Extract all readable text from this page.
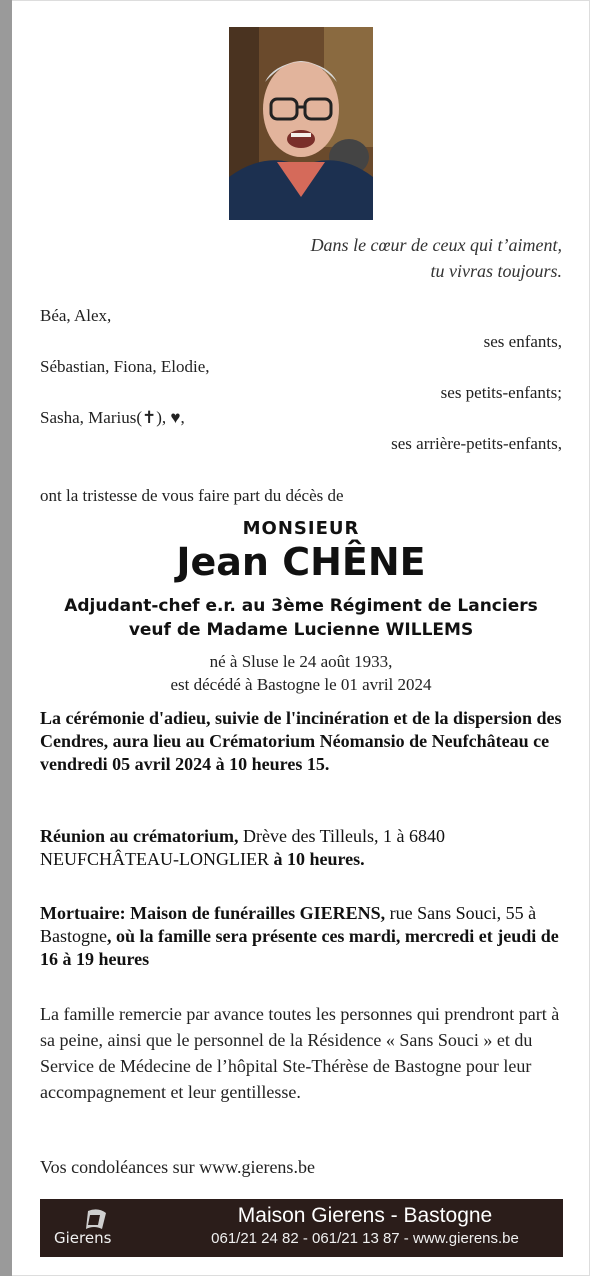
Dans le cœur de ceux qui t’aiment,
tu vivras toujours.
Béa, Alex,
ses enfants,
Sébastian, Fiona, Elodie,
ses petits-enfants;
Sasha, Marius(✝), ♥,
ses arrière-petits-enfants,
ont la tristesse de vous faire part du décès de
MONSIEUR
Jean CHÊNE
Adjudant-chef e.r. au 3ème Régiment de Lanciers
veuf de Madame Lucienne WILLEMS
né à Sluse le 24 août 1933,
est décédé à Bastogne le 01 avril 2024
La cérémonie d'adieu, suivie de l'incinération et de la dispersion des Cendres, aura lieu au Crématorium Néomansio de Neufchâteau ce vendredi 05 avril 2024 à 10 heures 15.
Réunion au crématorium, Drève des Tilleuls, 1 à 6840 NEUFCHÂTEAU-LONGLIER à 10 heures.
Mortuaire: Maison de funérailles GIERENS, rue Sans Souci, 55 à Bastogne, où la famille sera présente ces mardi, mercredi et jeudi de 16 à 19 heures
La famille remercie par avance toutes les personnes qui prendront part à sa peine, ainsi que le personnel de la Résidence « Sans Souci » et du Service de Médecine de l’hôpital Ste-Thérèse de Bastogne pour leur accompagnement et leur gentillesse.
Vos condoléances sur www.gierens.be
Gierens
Maison Gierens - Bastogne
061/21 24 82 - 061/21 13 87 - www.gierens.be
